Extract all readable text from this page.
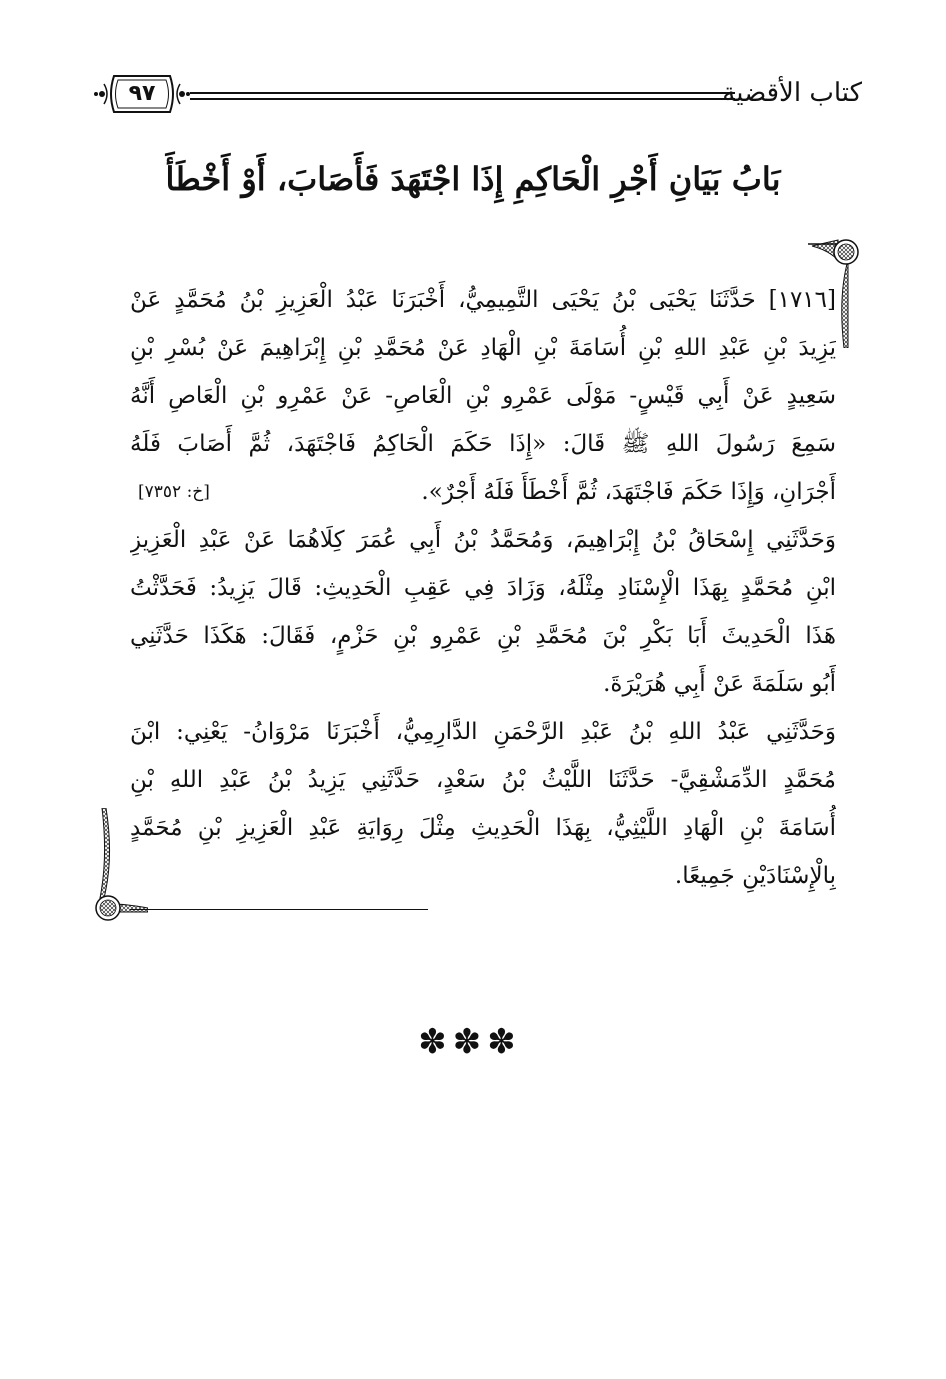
كتاب الأقضية
٩٧
بَابُ بَيَانِ أَجْرِ الْحَاكِمِ إِذَا اجْتَهَدَ فَأَصَابَ، أَوْ أَخْطَأَ
[١٧١٦] حَدَّثَنَا يَحْيَى بْنُ يَحْيَى التَّمِيمِيُّ، أَخْبَرَنَا عَبْدُ الْعَزِيزِ بْنُ مُحَمَّدٍ عَنْ
يَزِيدَ بْنِ عَبْدِ اللهِ بْنِ أُسَامَةَ بْنِ الْهَادِ عَنْ مُحَمَّدِ بْنِ إِبْرَاهِيمَ عَنْ بُسْرِ بْنِ
سَعِيدٍ عَنْ أَبِي قَيْسٍ- مَوْلَى عَمْرِو بْنِ الْعَاصِ- عَنْ عَمْرِو بْنِ الْعَاصِ أَنَّهُ
سَمِعَ رَسُولَ اللهِ ﷺ قَالَ: «إِذَا حَكَمَ الْحَاكِمُ فَاجْتَهَدَ، ثُمَّ أَصَابَ فَلَهُ
أَجْرَانِ، وَإِذَا حَكَمَ فَاجْتَهَدَ، ثُمَّ أَخْطَأَ فَلَهُ أَجْرٌ».
[خ: ٧٣٥٢]
وَحَدَّثَنِي إِسْحَاقُ بْنُ إِبْرَاهِيمَ، وَمُحَمَّدُ بْنُ أَبِي عُمَرَ كِلَاهُمَا عَنْ عَبْدِ الْعَزِيزِ
ابْنِ مُحَمَّدٍ بِهَذَا الْإِسْنَادِ مِثْلَهُ، وَزَادَ فِي عَقِبِ الْحَدِيثِ: قَالَ يَزِيدُ: فَحَدَّثْتُ
هَذَا الْحَدِيثَ أَبَا بَكْرِ بْنَ مُحَمَّدِ بْنِ عَمْرِو بْنِ حَزْمٍ، فَقَالَ: هَكَذَا حَدَّثَنِي
أَبُو سَلَمَةَ عَنْ أَبِي هُرَيْرَةَ.
وَحَدَّثَنِي عَبْدُ اللهِ بْنُ عَبْدِ الرَّحْمَنِ الدَّارِمِيُّ، أَخْبَرَنَا مَرْوَانُ- يَعْنِي: ابْنَ
مُحَمَّدٍ الدِّمَشْقِيَّ- حَدَّثَنَا اللَّيْثُ بْنُ سَعْدٍ، حَدَّثَنِي يَزِيدُ بْنُ عَبْدِ اللهِ بْنِ
أُسَامَةَ بْنِ الْهَادِ اللَّيْثِيُّ، بِهَذَا الْحَدِيثِ مِثْلَ رِوَايَةِ عَبْدِ الْعَزِيزِ بْنِ مُحَمَّدٍ
بِالْإِسْنَادَيْنِ جَمِيعًا.
✽✽✽
